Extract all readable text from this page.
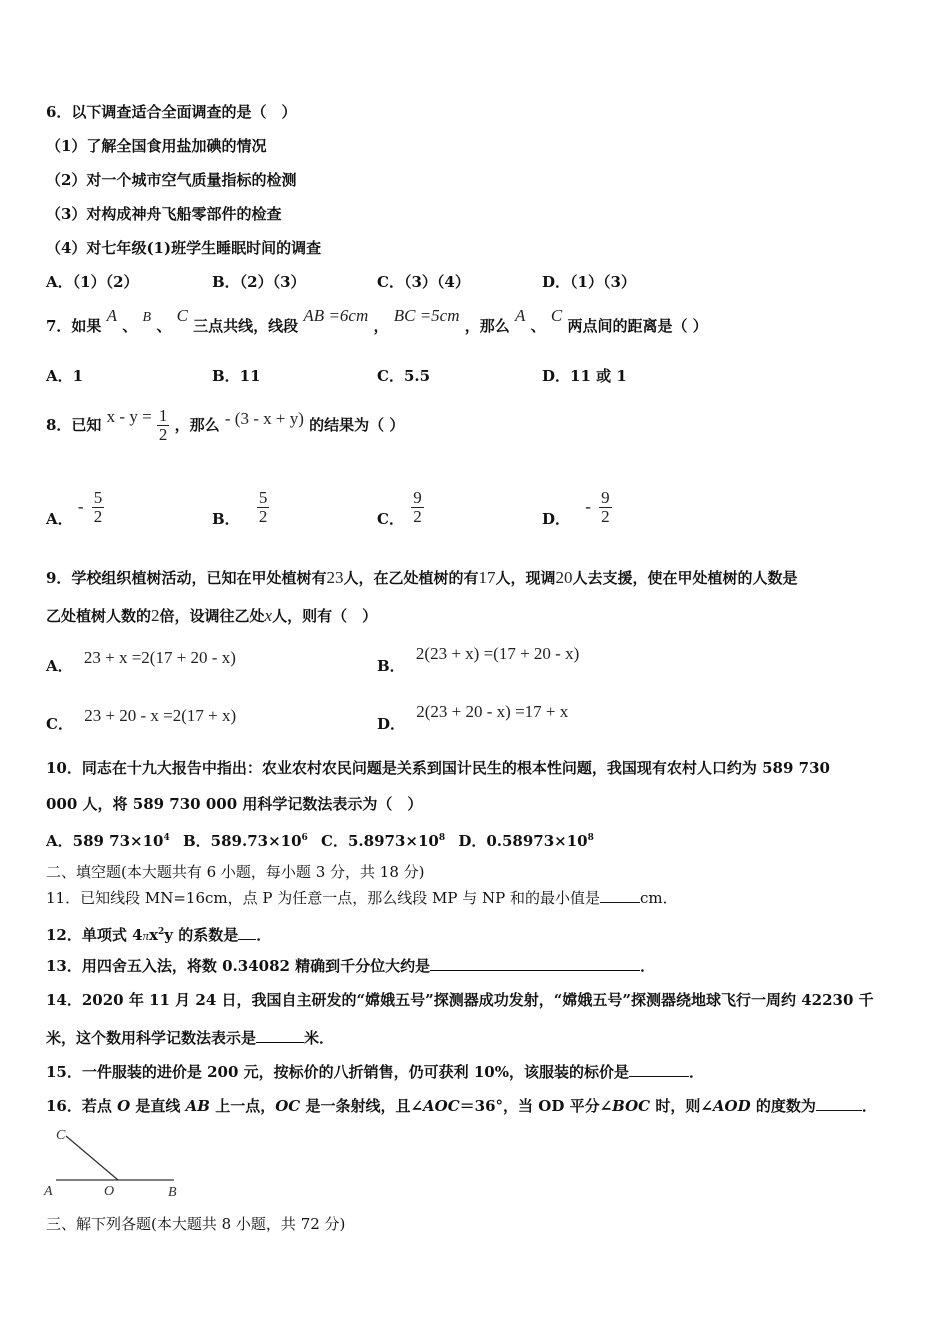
6．以下调查适合全面调查的是（　）
（1）了解全国食用盐加碘的情况
（2）对一个城市空气质量指标的检测
（3）对构成神舟飞船零部件的检查
（4）对七年级(1)班学生睡眠时间的调查
A．（1）（2）	B．（2）（3）	C．（3）（4）	D．（1）（3）
7．如果 A 、 B 、 C 三点共线，线段 AB =6cm ， BC =5cm ，那么 A 、 C 两点间的距离是（ ）
A．1	B．11	C．5.5	D．11 或 1
8．已知 $x - y = \frac{1}{2}$ ，那么 - (3 - x + y) 的结果为（ ）
A． - $\frac{5}{2}$	B． $\frac{5}{2}$	C． $\frac{9}{2}$	D． - $\frac{9}{2}$
9．学校组织植树活动，已知在甲处植树有23人，在乙处植树的有17人，现调20人去支援，使在甲处植树的人数是
乙处植树人数的2倍，设调往乙处x人，则有（　）
A． 23 + x =2(17 + 20 - x)	B． 2(23 + x) =(17 + 20 - x)
C． 23 + 20 - x =2(17 + x)	D． 2(23 + 20 - x) =17 + x
10．同志在十九大报告中指出：农业农村农民问题是关系到国计民生的根本性问题，我国现有农村人口约为 589 730
000 人，将 589 730 000 用科学记数法表示为（　）
A．589 $73\times 10^4$ B．$589.73\times 10^6$ C．$5.8973\times 10^8$ D．$0.58973\times 10^8$
二、填空题(本大题共有 6 小题，每小题 3 分，共 18 分)
11．已知线段 MN=16cm，点 P 为任意一点，那么线段 MP 与 NP 和的最小值是	cm．
12．单项式 $4\pi x^2y$ 的系数是 ．
13．用四舍五入法，将数 0.34082 精确到千分位大约是	．
14．2020 年 11 月 24 日，我国自主研发的“嫦娥五号”探测器成功发射，“嫦娥五号”探测器绕地球飞行一周约 42230 千
米，这个数用科学记数法表示是	米．
15．一件服装的进价是 200 元，按标价的八折销售，仍可获利 10%，该服装的标价是	．
16．若点 O 是直线 AB 上一点，OC 是一条射线，且∠AOC＝36°，当 OD 平分∠BOC 时，则∠AOD 的度数为	．
C
A	O	B
三、解下列各题(本大题共 8 小题，共 72 分)
